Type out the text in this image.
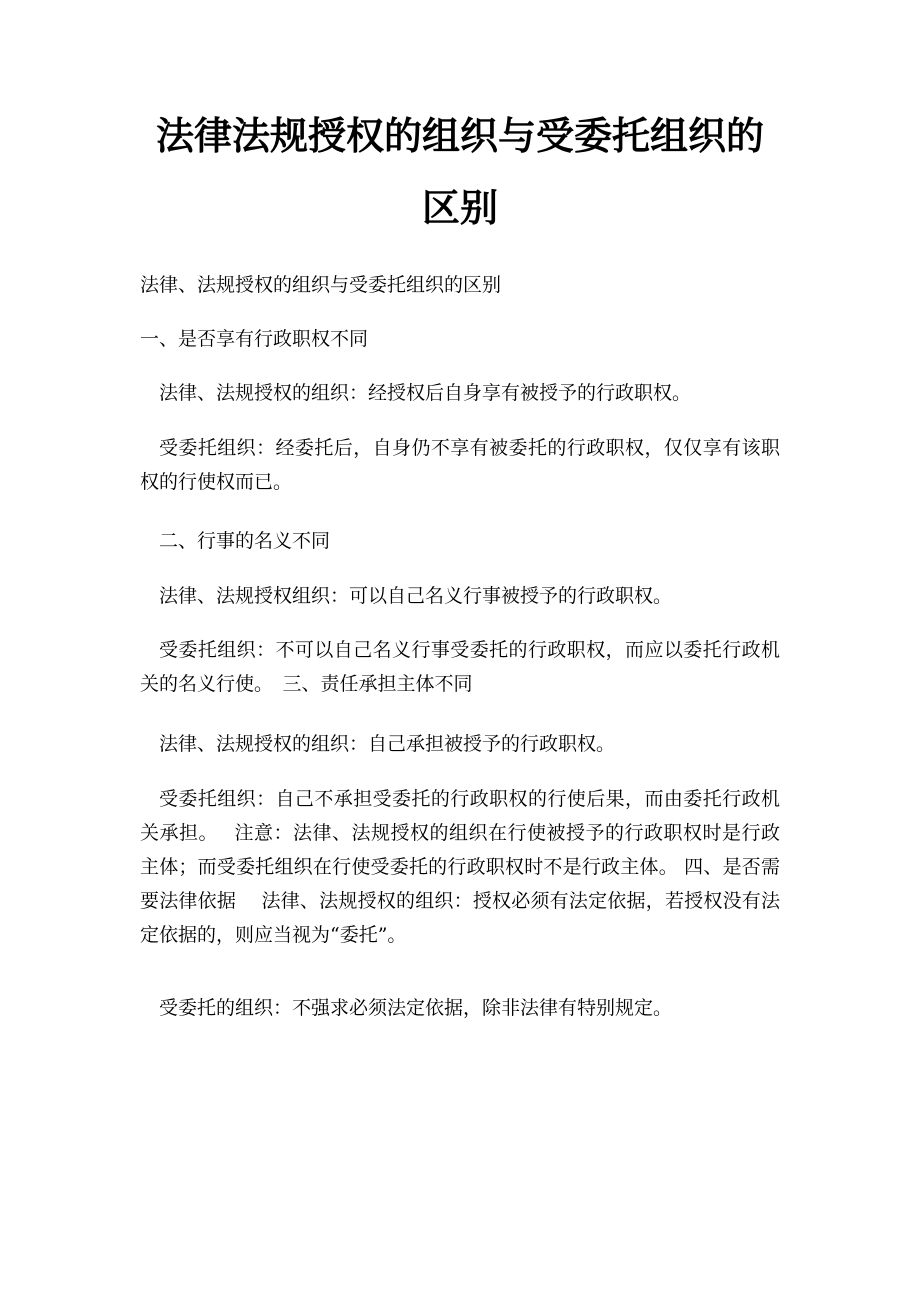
法律法规授权的组织与受委托组织的区别

法律、法规授权的组织与受委托组织的区别

一、是否享有行政职权不同

法律、法规授权的组织：经授权后自身享有被授予的行政职权。

受委托组织：经委托后，自身仍不享有被委托的行政职权，仅仅享有该职权的行使权而已。

二、行事的名义不同

法律、法规授权组织：可以自己名义行事被授予的行政职权。

受委托组织：不可以自己名义行事受委托的行政职权，而应以委托行政机关的名义行使。　三、责任承担主体不同

法律、法规授权的组织：自己承担被授予的行政职权。

受委托组织：自己不承担受委托的行政职权的行使后果，而由委托行政机关承担。　 注意：法律、法规授权的组织在行使被授予的行政职权时是行政主体；而受委托组织在行使受委托的行政职权时不是行政主体。 四、是否需要法律依据　 法律、法规授权的组织：授权必须有法定依据，若授权没有法定依据的，则应当视为“委托”。

受委托的组织：不强求必须法定依据，除非法律有特别规定。
